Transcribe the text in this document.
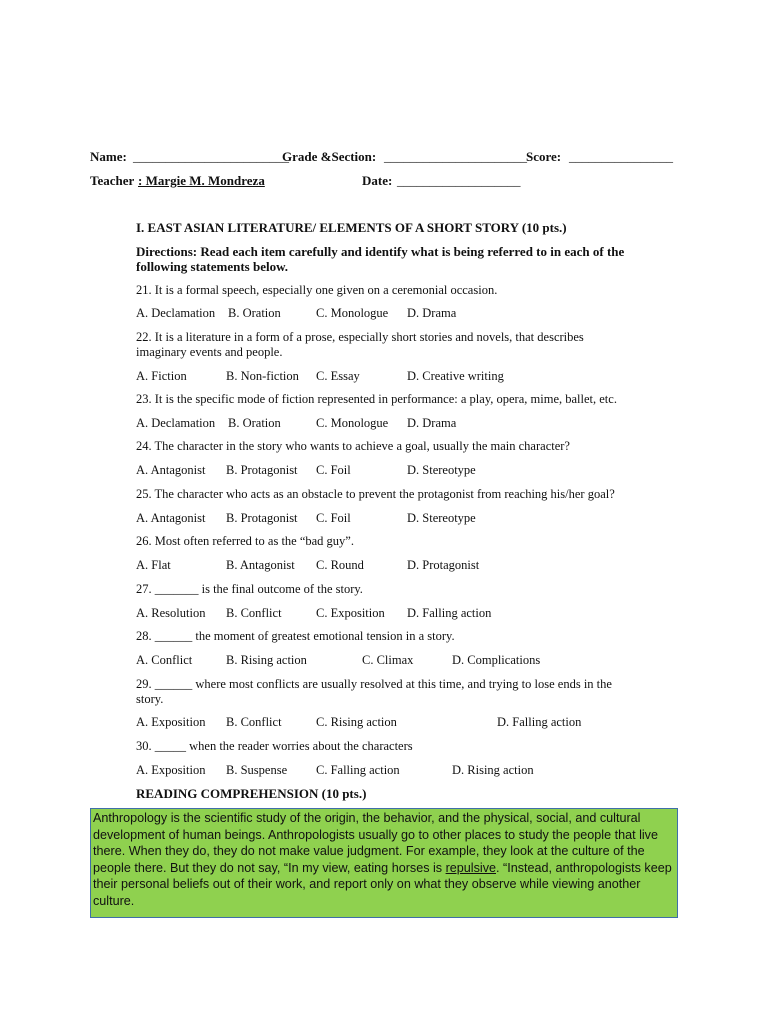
Name: ________________________
Grade &Section: ______________________ Score: ________________
Teacher : Margie M. Mondreza	Date: ___________________
I. EAST ASIAN LITERATURE/ ELEMENTS OF A SHORT STORY (10 pts.)
Directions: Read each item carefully and identify what is being referred to in each of the
following statements below.
21. It is a formal speech, especially one given on a ceremonial occasion.
A. Declamation B. Oration	C. Monologue D. Drama
22. It is a literature in a form of a prose, especially short stories and novels, that describes
imaginary events and people.
A. Fiction	B. Non-fiction C. Essay	D. Creative writing
23. It is the specific mode of fiction represented in performance: a play, opera, mime, ballet, etc.
A. Declamation B. Oration	C. Monologue D. Drama
24. The character in the story who wants to achieve a goal, usually the main character?
A. Antagonist B. Protagonist C. Foil	D. Stereotype
25. The character who acts as an obstacle to prevent the protagonist from reaching his/her goal?
A. Antagonist B. Protagonist C. Foil	D. Stereotype
26. Most often referred to as the “bad guy”.
A. Flat	B. Antagonist C. Round	D. Protagonist
27. _______ is the final outcome of the story.
A. Resolution B. Conflict	C. Exposition D. Falling action
28. ______ the moment of greatest emotional tension in a story.
A. Conflict	B. Rising action	C. Climax	D. Complications
29. ______ where most conflicts are usually resolved at this time, and trying to lose ends in the
story.
A. Exposition B. Conflict	C. Rising action	D. Falling action
30. _____ when the reader worries about the characters
A. Exposition B. Suspense C. Falling action	D. Rising action
READING COMPREHENSION (10 pts.)
Anthropology is the scientific study of the origin, the behavior, and the physical, social, and cultural development of human beings. Anthropologists usually go to other places to study the people that live there. When they do, they do not make value judgment. For example, they look at the culture of the people there. But they do not say, “In my view, eating horses is repulsive. “Instead, anthropologists keep their personal beliefs out of their work, and report only on what they observe while viewing another culture.
